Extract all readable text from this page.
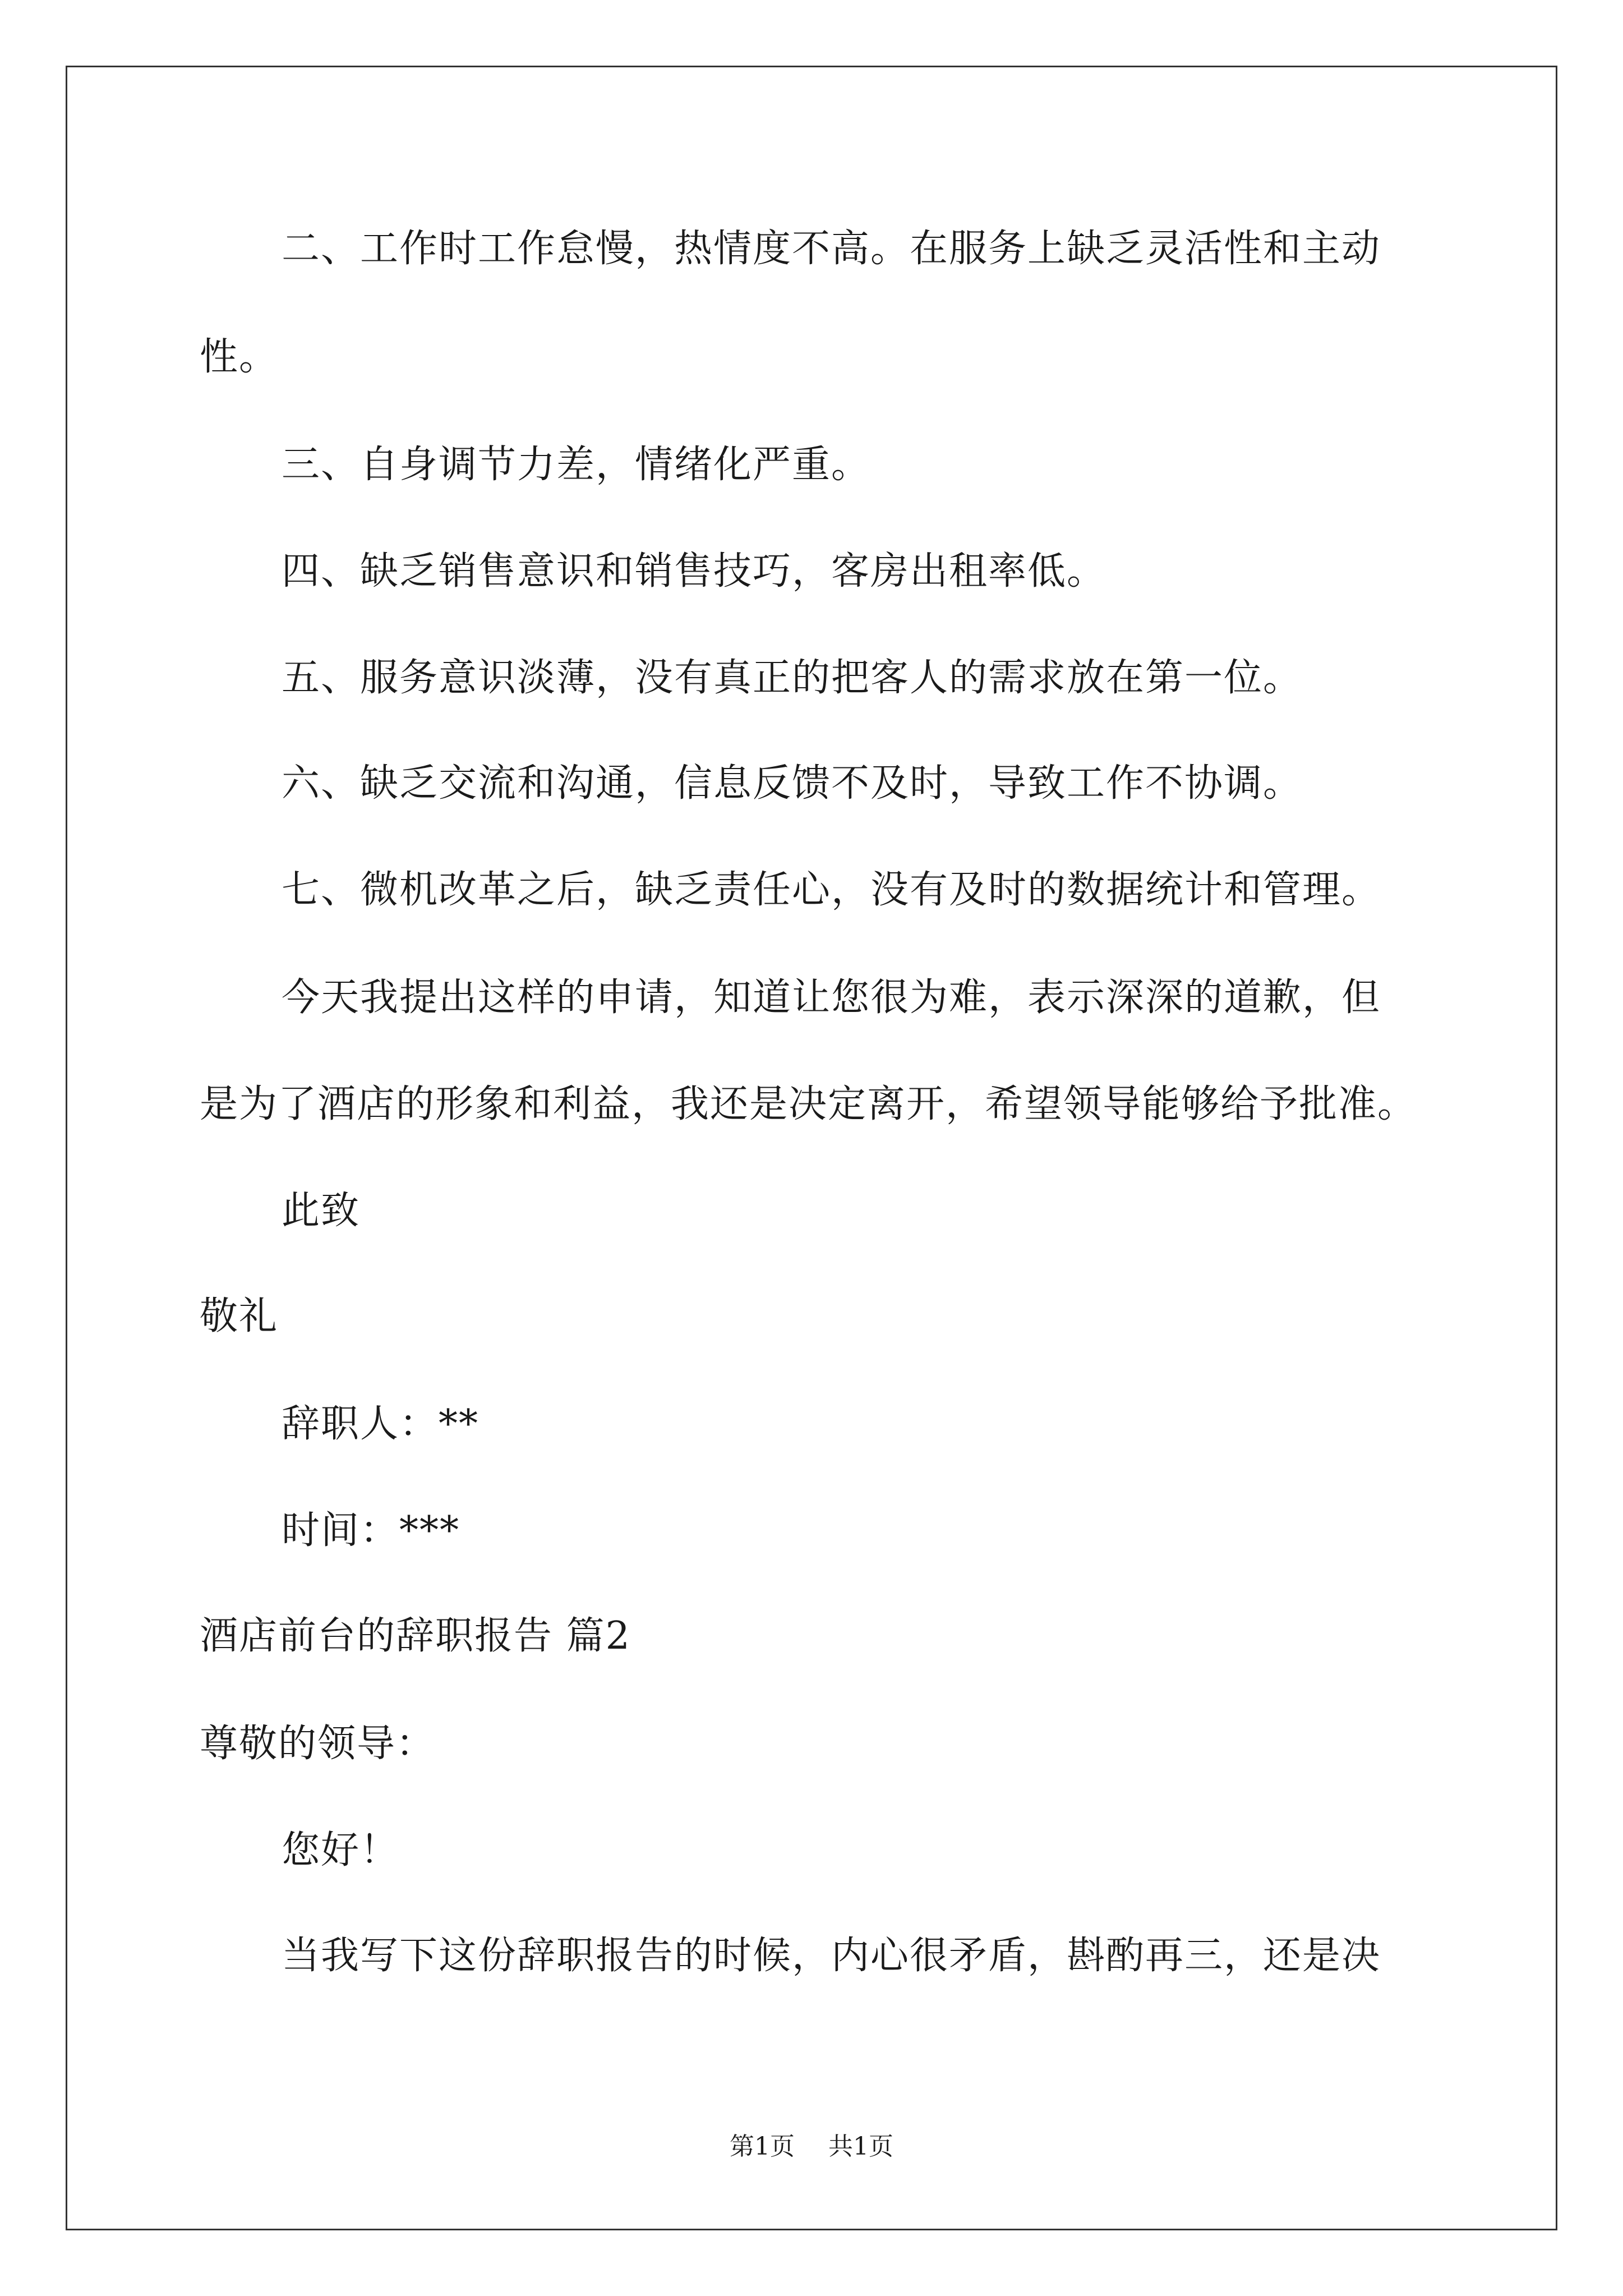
二、工作时工作怠慢，热情度不高。在服务上缺乏灵活性和主动
性。
三、自身调节力差，情绪化严重。
四、缺乏销售意识和销售技巧，客房出租率低。
五、服务意识淡薄，没有真正的把客人的需求放在第一位。
六、缺乏交流和沟通，信息反馈不及时，导致工作不协调。
七、微机改革之后，缺乏责任心，没有及时的数据统计和管理。
今天我提出这样的申请，知道让您很为难，表示深深的道歉，但
是为了酒店的形象和利益，我还是决定离开，希望领导能够给予批准。
此致
敬礼
辞职人：**
时间：***
酒店前台的辞职报告 篇2
尊敬的领导：
您好！
当我写下这份辞职报告的时候，内心很矛盾，斟酌再三，还是决
第1页 共1页
